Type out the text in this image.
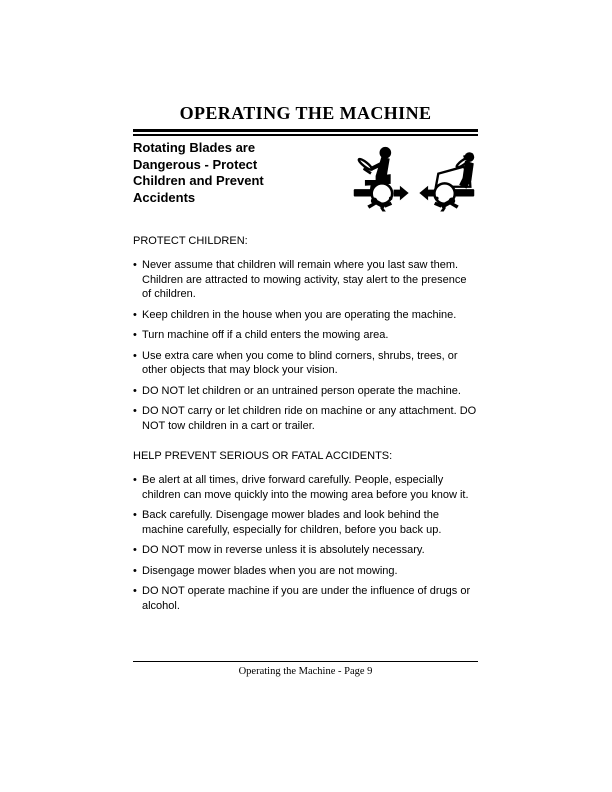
OPERATING THE MACHINE
Rotating Blades are Dangerous - Protect Children and Prevent Accidents

PROTECT CHILDREN:

• Never assume that children will remain where you last saw them. Children are attracted to mowing activity, stay alert to the presence of children.
• Keep children in the house when you are operating the machine.
• Turn machine off if a child enters the mowing area.
• Use extra care when you come to blind corners, shrubs, trees, or other objects that may block your vision.
• DO NOT let children or an untrained person operate the machine.
• DO NOT carry or let children ride on machine or any attachment. DO NOT tow children in a cart or trailer.

HELP PREVENT SERIOUS OR FATAL ACCIDENTS:

• Be alert at all times, drive forward carefully. People, especially children can move quickly into the mowing area before you know it.
• Back carefully. Disengage mower blades and look behind the machine carefully, especially for children, before you back up.
• DO NOT mow in reverse unless it is absolutely necessary.
• Disengage mower blades when you are not mowing.
• DO NOT operate machine if you are under the influence of drugs or alcohol.

Operating the Machine - Page 9
